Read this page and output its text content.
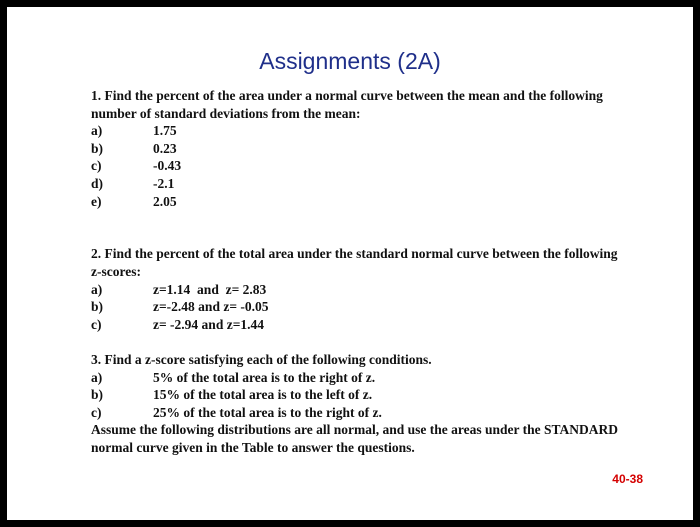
Assignments (2A)
1. Find the percent of the area under a normal curve between the mean and the following number of standard deviations from the mean:
a)	1.75
b)	0.23
c)	-0.43
d)	-2.1
e)	2.05
2. Find the percent of the total area under the standard normal curve between the following
z-scores:
a)	z=1.14  and  z= 2.83
b)	z=-2.48 and z= -0.05
c)	z= -2.94 and z=1.44
3. Find a z-score satisfying each of the following conditions.
a)	5% of the total area is to the right of z.
b)	15% of the total area is to the left of z.
c)	25% of the total area is to the right of z.
Assume the following distributions are all normal, and use the areas under the STANDARD normal curve given in the Table to answer the questions.
40-38
